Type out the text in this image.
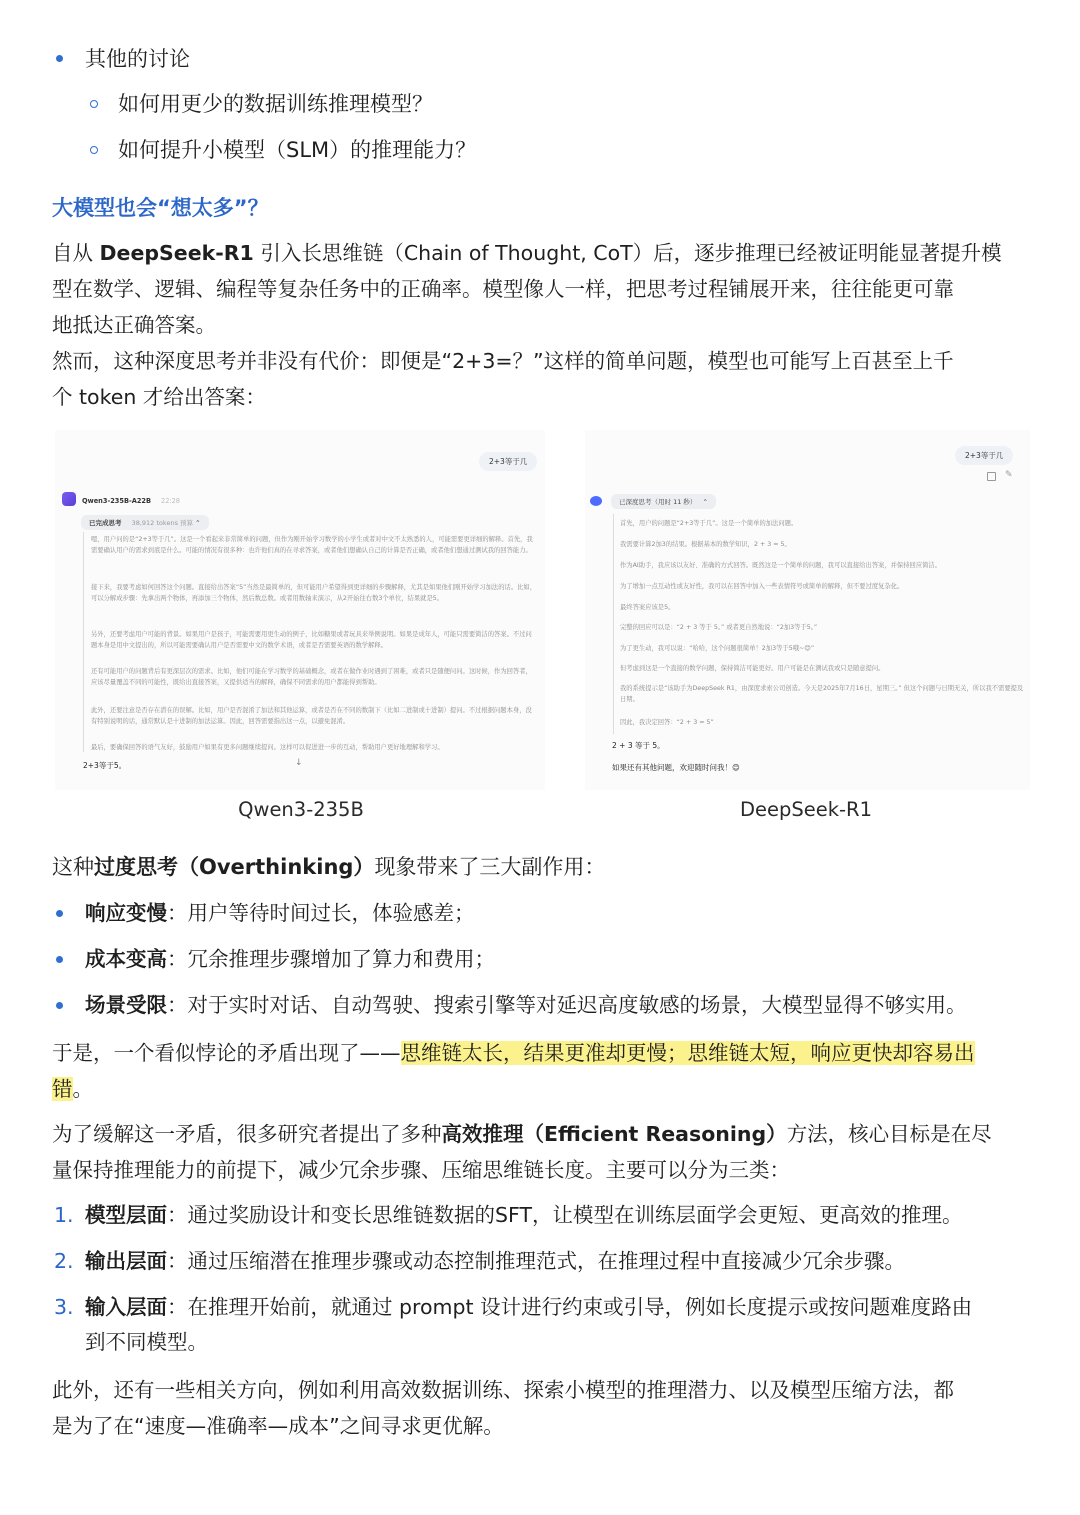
其他的讨论
如何用更少的数据训练推理模型？
如何提升小模型（SLM）的推理能力？
大模型也会“想太多”？
自从 DeepSeek-R1 引入长思维链（Chain of Thought, CoT）后，逐步推理已经被证明能显著提升模
型在数学、逻辑、编程等复杂任务中的正确率。模型像人一样，把思考过程铺展开来，往往能更可靠
地抵达正确答案。
然而，这种深度思考并非没有代价：即便是“2+3=？”这样的简单问题，模型也可能写上百甚至上千
个 token 才给出答案：
2+3等于几
Qwen3-235B-A22B 22:28
已完成思考 38,912 tokens 预算 ⌃
嗯，用户问的是“2+3等于几”。这是一个看起来非常简单的问题，但作为刚开始学习数学的小学生或者对中文不太熟悉的人，可能需要更详细的解释。首先，我需要确认用户的需求到底是什么。可能的情况有很多种：也许他们真的在寻求答案，或者他们想确认自己的计算是否正确，或者他们想通过测试我的回答能力。
接下来，我要考虑如何回答这个问题。直接给出答案“5”当然是最简单的，但可能用户希望得到更详细的步骤解释，尤其是如果他们刚开始学习加法的话。比如，可以分解成步骤：先拿出两个物体，再添加三个物体，然后数总数。或者用数轴来演示，从2开始往右数3个单位，结果就是5。
另外，还要考虑用户可能的背景。如果用户是孩子，可能需要用更生动的例子，比如糖果或者玩具来举例说明。如果是成年人，可能只需要简洁的答案。不过问题本身是用中文提出的，所以可能需要确认用户是否需要中文的数学术语，或者是否需要英语的数学解释。
还有可能用户的问题背后有更深层次的需求。比如，他们可能在学习数学的基础概念，或者在做作业时遇到了困难，或者只是随便问问。这时候，作为回答者，应该尽量覆盖不同的可能性，既给出直接答案，又提供适当的解释，确保不同需求的用户都能得到帮助。
此外，还要注意是否存在潜在的误解。比如，用户是否混淆了加法和其他运算，或者是否在不同的数制下（比如二进制或十进制）提问。不过根据问题本身，没有特别说明的话，通常默认是十进制的加法运算。因此，回答需要指出这一点，以避免混淆。
最后，要确保回答的语气友好，鼓励用户如果有更多问题继续提问。这样可以促进进一步的互动，帮助用户更好地理解和学习。
2+3等于5。	↓
Qwen3-235B
2+3等于几
✎
已深度思考（用时 11 秒） ⌃
首先，用户的问题是“2+3等于几”。这是一个简单的加法问题。
我需要计算2加3的结果。根据基本的数学知识，2 + 3 = 5。
作为AI助手，我应该以友好、准确的方式回答。既然这是一个简单的问题，我可以直接给出答案，并保持回应简洁。
为了增加一点互动性或友好性，我可以在回答中加入一些表情符号或简单的解释，但不要过度复杂化。
最终答案应该是5。
完整的回应可以是：“2 + 3 等于 5。” 或者更自然地说：“2加3等于5。”
为了更生动，我可以说：“哈哈，这个问题很简单！2加3等于5哦~😊”
但考虑到这是一个直接的数学问题，保持简洁可能更好。用户可能是在测试我或只是随意提问。
我的系统提示是“该助手为DeepSeek R1，由深度求索公司创造。今天是2025年7月16日，星期三。” 但这个问题与日期无关，所以我不需要提及日期。
因此，我决定回答：“2 + 3 = 5”
2 + 3 等于 5。
如果还有其他问题，欢迎随时问我！😊
DeepSeek-R1
这种过度思考（Overthinking）现象带来了三大副作用：
响应变慢：用户等待时间过长，体验感差；
成本变高：冗余推理步骤增加了算力和费用；
场景受限：对于实时对话、自动驾驶、搜索引擎等对延迟高度敏感的场景，大模型显得不够实用。
于是，一个看似悖论的矛盾出现了——思维链太长，结果更准却更慢；思维链太短，响应更快却容易出
错。
为了缓解这一矛盾，很多研究者提出了多种高效推理（Efficient Reasoning）方法，核心目标是在尽
量保持推理能力的前提下，减少冗余步骤、压缩思维链长度。主要可以分为三类：
1. 模型层面：通过奖励设计和变长思维链数据的SFT，让模型在训练层面学会更短、更高效的推理。
2. 输出层面：通过压缩潜在推理步骤或动态控制推理范式，在推理过程中直接减少冗余步骤。
3. 输入层面：在推理开始前，就通过 prompt 设计进行约束或引导，例如长度提示或按问题难度路由
到不同模型。
此外，还有一些相关方向，例如利用高效数据训练、探索小模型的推理潜力、以及模型压缩方法，都
是为了在“速度—准确率—成本”之间寻求更优解。
